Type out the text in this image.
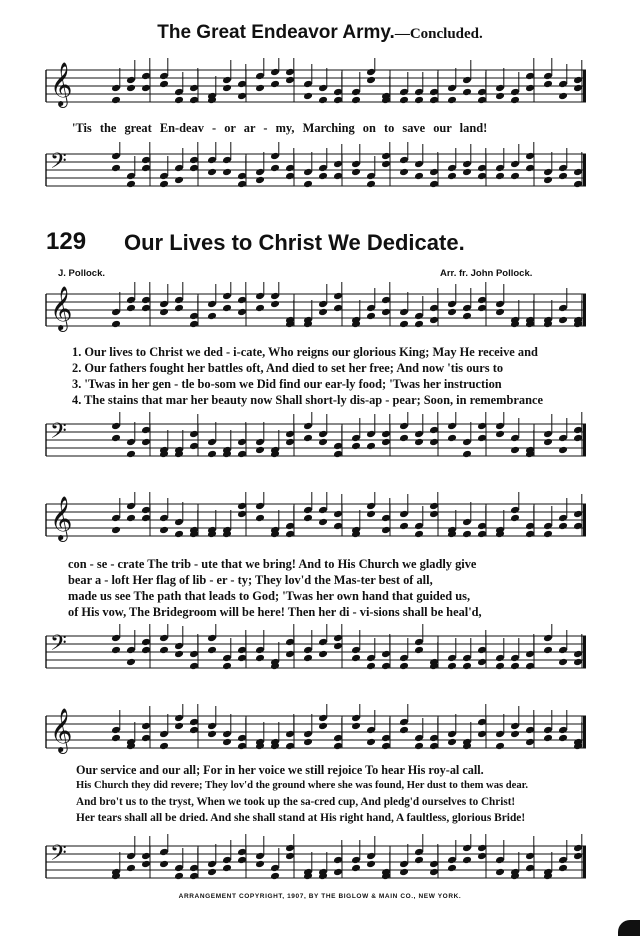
The Great Endeavor Army.—Concluded.
𝄞
'Tis the great En-deav - or ar - my, Marching on to save our land!
𝄢
129 Our Lives to Christ We Dedicate.
J. Pollock.	Arr. fr. John Pollock.
𝄞
1. Our lives to Christ we ded - i-cate, Who reigns our glorious King; May He receive and
2. Our fathers fought her battles oft, And died to set her free; And now 'tis ours to
3. 'Twas in her gen - tle bo-som we Did find our ear-ly food; 'Twas her instruction
4. The stains that mar her beauty now Shall short-ly dis-ap - pear; Soon, in remembrance
𝄢
𝄞
con - se - crate The trib - ute that we bring! And to His Church we gladly give
bear a - loft Her flag of lib - er - ty; They lov'd the Mas-ter best of all,
made us see The path that leads to God; 'Twas her own hand that guided us,
of His vow, The Bridegroom will be here! Then her di - vi-sions shall be heal'd,
𝄢
𝄞
Our service and our all; For in her voice we still rejoice To hear His roy-al call.
His Church they did revere; They lov'd the ground where she was found, Her dust to them was dear.
And bro't us to the tryst, When we took up the sa-cred cup, And pledg'd ourselves to Christ!
Her tears shall all be dried. And she shall stand at His right hand, A faultless, glorious Bride!
𝄢
ARRANGEMENT COPYRIGHT, 1907, BY THE BIGLOW & MAIN CO., NEW YORK.
